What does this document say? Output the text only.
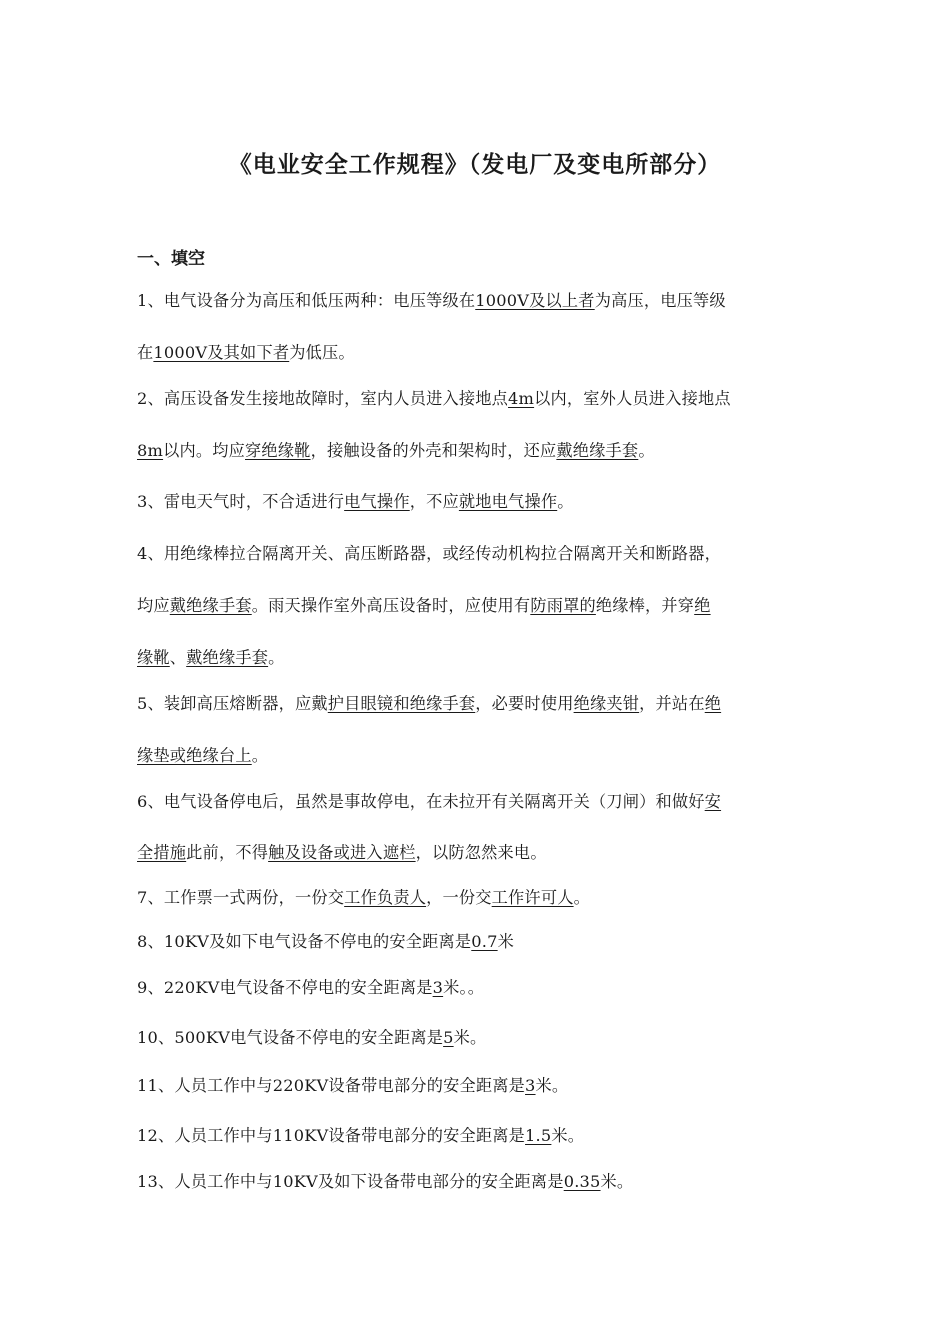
《电业安全工作规程》（发电厂及变电所部分）
一、填空
1、电气设备分为高压和低压两种：电压等级在1000V及以上者为高压，电压等级
在1000V及其如下者为低压。
2、高压设备发生接地故障时，室内人员进入接地点4m以内，室外人员进入接地点
8m以内。均应穿绝缘靴，接触设备的外壳和架构时，还应戴绝缘手套。
3、雷电天气时，不合适进行电气操作，不应就地电气操作。
4、用绝缘棒拉合隔离开关、高压断路器，或经传动机构拉合隔离开关和断路器，
均应戴绝缘手套。雨天操作室外高压设备时，应使用有防雨罩的绝缘棒，并穿绝
缘靴、戴绝缘手套。
5、装卸高压熔断器，应戴护目眼镜和绝缘手套，必要时使用绝缘夹钳，并站在绝
缘垫或绝缘台上。
6、电气设备停电后，虽然是事故停电，在未拉开有关隔离开关（刀闸）和做好安
全措施此前，不得触及设备或进入遮栏，以防忽然来电。
7、工作票一式两份，一份交工作负责人，一份交工作许可人。
8、10KV及如下电气设备不停电的安全距离是0.7米
9、220KV电气设备不停电的安全距离是3米。。
10、500KV电气设备不停电的安全距离是5米。
11、人员工作中与220KV设备带电部分的安全距离是3米。
12、人员工作中与110KV设备带电部分的安全距离是1.5米。
13、人员工作中与10KV及如下设备带电部分的安全距离是0.35米。
